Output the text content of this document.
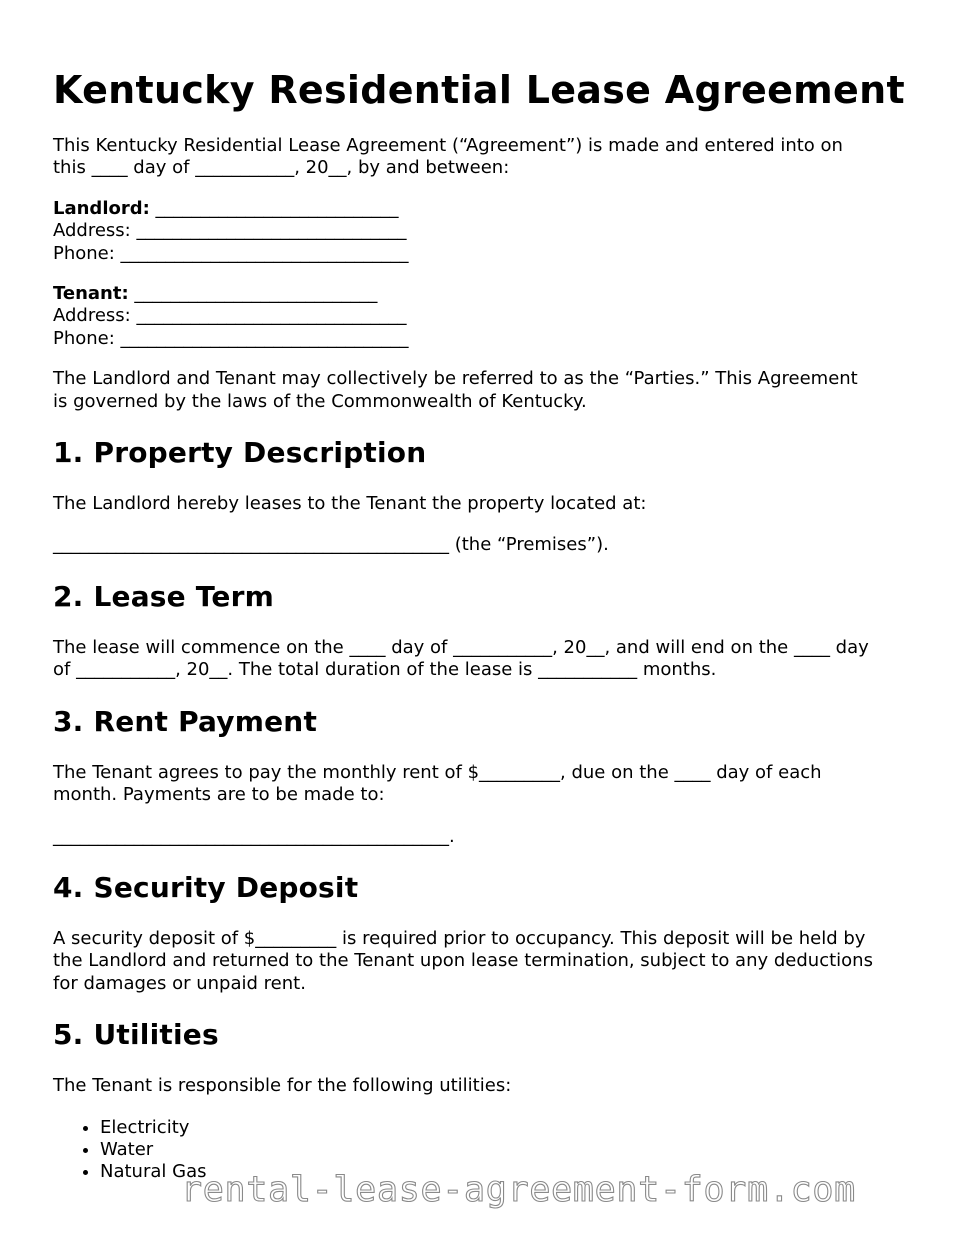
Kentucky Residential Lease Agreement

This Kentucky Residential Lease Agreement (“Agreement”) is made and entered into on

this ____ day of ___________, 20__, by and between:

Landlord: ___________________________

Address: ______________________________

Phone: ________________________________

Tenant: ___________________________

Address: ______________________________

Phone: ________________________________

The Landlord and Tenant may collectively be referred to as the “Parties.” This Agreement

is governed by the laws of the Commonwealth of Kentucky.

1. Property Description

The Landlord hereby leases to the Tenant the property located at:

____________________________________________ (the “Premises”).

2. Lease Term

The lease will commence on the ____ day of ___________, 20__, and will end on the ____ day

of ___________, 20__. The total duration of the lease is ___________ months.

3. Rent Payment

The Tenant agrees to pay the monthly rent of $_________, due on the ____ day of each

month. Payments are to be made to:

____________________________________________.

4. Security Deposit

A security deposit of $_________ is required prior to occupancy. This deposit will be held by

the Landlord and returned to the Tenant upon lease termination, subject to any deductions

for damages or unpaid rent.

5. Utilities

The Tenant is responsible for the following utilities:

• Electricity
• Water
• Natural Gas
rental-lease-agreement-form.com
